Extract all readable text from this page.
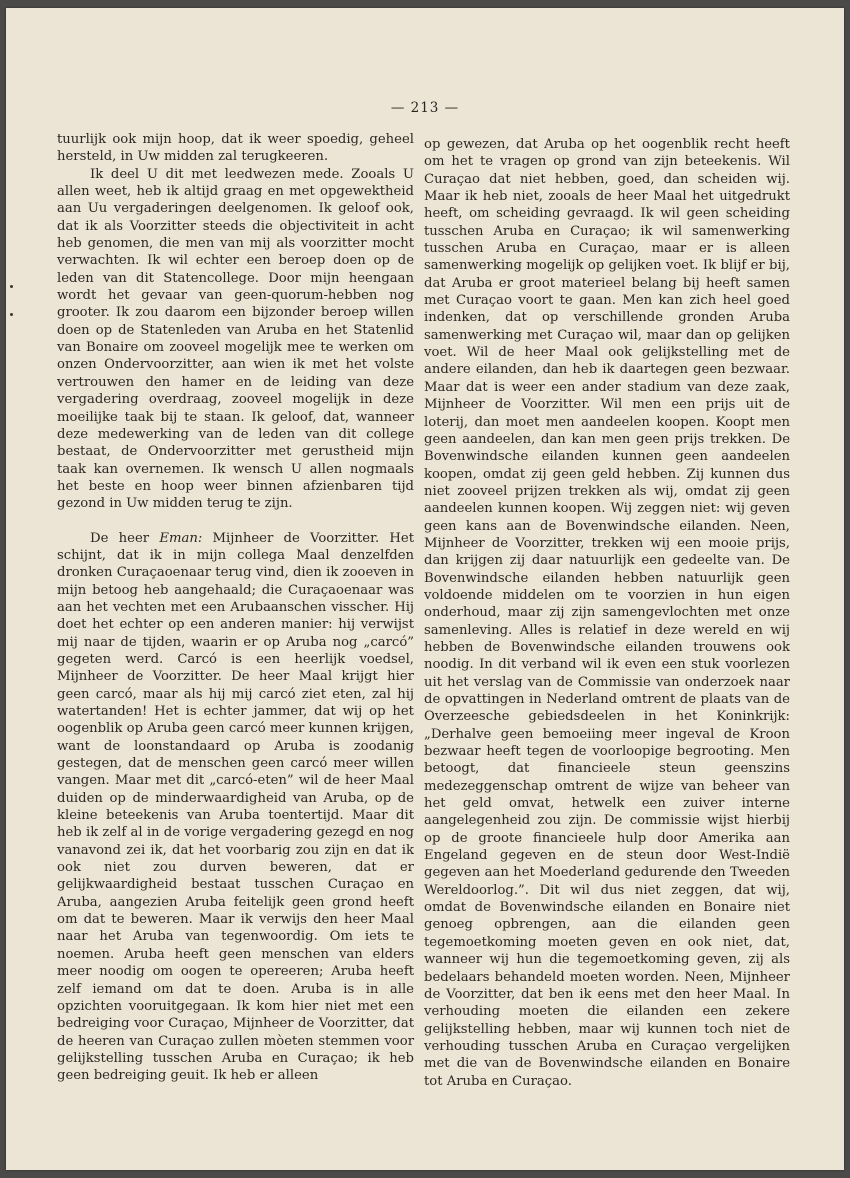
— 213 —

tuurlijk ook mijn hoop, dat ik weer spoedig, geheel hersteld, in Uw midden zal terugkeeren.

Ik deel U dit met leedwezen mede. Zooals U allen weet, heb ik altijd graag en met opgewektheid aan Uu vergaderingen deelgenomen. Ik geloof ook, dat ik als Voorzitter steeds die objectiviteit in acht heb genomen, die men van mij als voorzitter mocht verwachten. Ik wil echter een beroep doen op de leden van dit Statencollege. Door mijn heengaan wordt het gevaar van geen-quorum-hebben nog grooter. Ik zou daarom een bijzonder beroep willen doen op de Statenleden van Aruba en het Statenlid van Bonaire om zooveel mogelijk mee te werken om onzen Ondervoorzitter, aan wien ik met het volste vertrouwen den hamer en de leiding van deze vergadering overdraag, zooveel mogelijk in deze moeilijke taak bij te staan. Ik geloof, dat, wanneer deze medewerking van de leden van dit college bestaat, de Ondervoorzitter met gerustheid mijn taak kan overnemen. Ik wensch U allen nogmaals het beste en hoop weer binnen afzienbaren tijd gezond in Uw midden terug te zijn.

De heer Eman: Mijnheer de Voorzitter. Het schijnt, dat ik in mijn collega Maal denzelfden dronken Curaçaoenaar terug vind, dien ik zooeven in mijn betoog heb aangehaald; die Curaçaoenaar was aan het vechten met een Arubaanschen visscher. Hij doet het echter op een anderen manier: hij verwijst mij naar de tijden, waarin er op Aruba nog „carcó” gegeten werd. Carcó is een heerlijk voedsel, Mijnheer de Voorzitter. De heer Maal krijgt hier geen carcó, maar als hij mij carcó ziet eten, zal hij watertanden! Het is echter jammer, dat wij op het oogenblik op Aruba geen carcó meer kunnen krijgen, want de loonstandaard op Aruba is zoodanig gestegen, dat de menschen geen carcó meer willen vangen. Maar met dit „carcó-eten” wil de heer Maal duiden op de minderwaardigheid van Aruba, op de kleine beteekenis van Aruba toentertijd. Maar dit heb ik zelf al in de vorige vergadering gezegd en nog vanavond zei ik, dat het voorbarig zou zijn en dat ik ook niet zou durven beweren, dat er gelijkwaardigheid bestaat tusschen Curaçao en Aruba, aangezien Aruba feitelijk geen grond heeft om dat te beweren. Maar ik verwijs den heer Maal naar het Aruba van tegenwoordig. Om iets te noemen. Aruba heeft geen menschen van elders meer noodig om oogen te opereeren; Aruba heeft zelf iemand om dat te doen. Aruba is in alle opzichten vooruitgegaan. Ik kom hier niet met een bedreiging voor Curaçao, Mijnheer de Voorzitter, dat de heeren van Curaçao zullen mòeten stemmen voor gelijkstelling tusschen Aruba en Curaçao; ik heb geen bedreiging geuit. Ik heb er alleen

op gewezen, dat Aruba op het oogenblik recht heeft om het te vragen op grond van zijn beteekenis. Wil Curaçao dat niet hebben, goed, dan scheiden wij. Maar ik heb niet, zooals de heer Maal het uitgedrukt heeft, om scheiding gevraagd. Ik wil geen scheiding tusschen Aruba en Curaçao; ik wil samenwerking tusschen Aruba en Curaçao, maar er is alleen samenwerking mogelijk op gelijken voet. Ik blijf er bij, dat Aruba er groot materieel belang bij heeft samen met Curaçao voort te gaan. Men kan zich heel goed indenken, dat op verschillende gronden Aruba samenwerking met Curaçao wil, maar dan op gelijken voet. Wil de heer Maal ook gelijkstelling met de andere eilanden, dan heb ik daartegen geen bezwaar. Maar dat is weer een ander stadium van deze zaak, Mijnheer de Voorzitter. Wil men een prijs uit de loterij, dan moet men aandeelen koopen. Koopt men geen aandeelen, dan kan men geen prijs trekken. De Bovenwindsche eilanden kunnen geen aandeelen koopen, omdat zij geen geld hebben. Zij kunnen dus niet zooveel prijzen trekken als wij, omdat zij geen aandeelen kunnen koopen. Wij zeggen niet: wij geven geen kans aan de Bovenwindsche eilanden. Neen, Mijnheer de Voorzitter, trekken wij een mooie prijs, dan krijgen zij daar natuurlijk een gedeelte van. De Bovenwindsche eilanden hebben natuurlijk geen voldoende middelen om te voorzien in hun eigen onderhoud, maar zij zijn samengevlochten met onze samenleving. Alles is relatief in deze wereld en wij hebben de Bovenwindsche eilanden trouwens ook noodig. In dit verband wil ik even een stuk voorlezen uit het verslag van de Commissie van onderzoek naar de opvattingen in Nederland omtrent de plaats van de Overzeesche gebiedsdeelen in het Koninkrijk: „Derhalve geen bemoeiing meer ingeval de Kroon bezwaar heeft tegen de voorloopige begrooting. Men betoogt, dat financieele steun geenszins medezeggenschap omtrent de wijze van beheer van het geld omvat, hetwelk een zuiver interne aangelegenheid zou zijn. De commissie wijst hierbij op de groote financieele hulp door Amerika aan Engeland gegeven en de steun door West-Indië gegeven aan het Moederland gedurende den Tweeden Wereldoorlog.”. Dit wil dus niet zeggen, dat wij, omdat de Bovenwindsche eilanden en Bonaire niet genoeg opbrengen, aan die eilanden geen tegemoetkoming moeten geven en ook niet, dat, wanneer wij hun die tegemoetkoming geven, zij als bedelaars behandeld moeten worden. Neen, Mijnheer de Voorzitter, dat ben ik eens met den heer Maal. In verhouding moeten die eilanden een zekere gelijkstelling hebben, maar wij kunnen toch niet de verhouding tusschen Aruba en Curaçao vergelijken met die van de Bovenwindsche eilanden en Bonaire tot Aruba en Curaçao.
